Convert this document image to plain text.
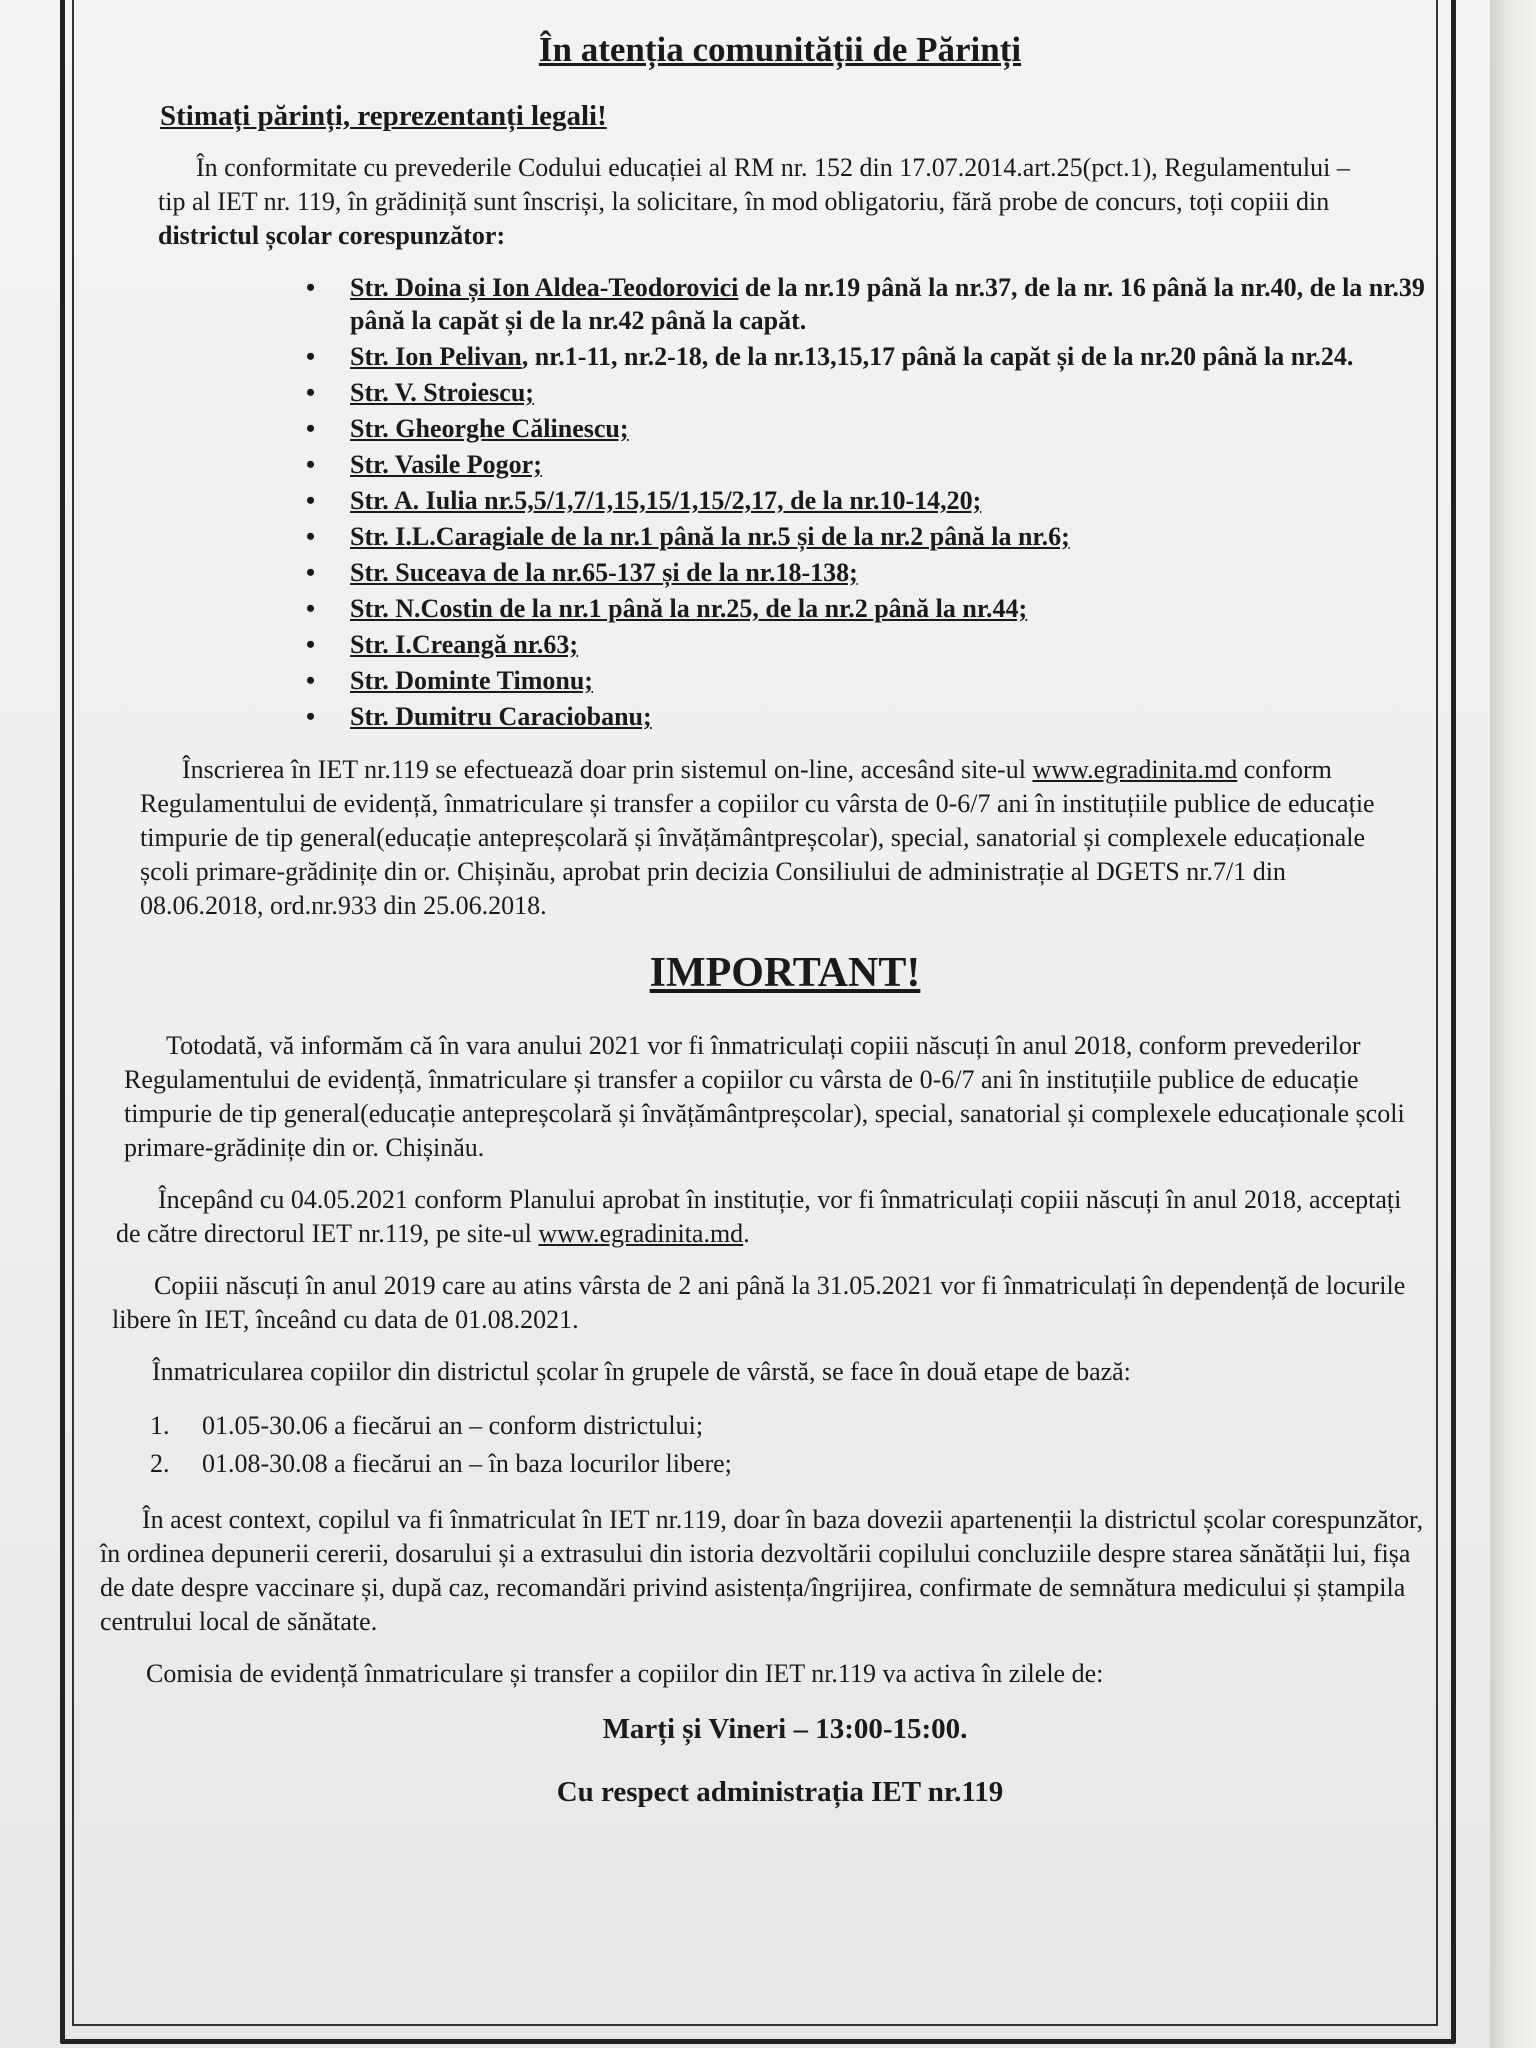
În atenția comunității de Părinți
Stimați părinți, reprezentanți legali!

În conformitate cu prevederile Codului educației al RM nr. 152 din 17.07.2014.art.25(pct.1), Regulamentului – tip al IET nr. 119, în grădiniță sunt înscriși, la solicitare, în mod obligatoriu, fără probe de concurs, toți copiii din districtul școlar corespunzător:

• Str. Doina și Ion Aldea-Teodorovici de la nr.19 până la nr.37, de la nr. 16 până la nr.40, de la nr.39 până la capăt și de la nr.42 până la capăt.
• Str. Ion Pelivan, nr.1-11, nr.2-18, de la nr.13,15,17 până la capăt și de la nr.20 până la nr.24.
• Str. V. Stroiescu;
• Str. Gheorghe Călinescu;
• Str. Vasile Pogor;
• Str. A. Iulia nr.5,5/1,7/1,15,15/1,15/2,17, de la nr.10-14,20;
• Str. I.L.Caragiale de la nr.1 până la nr.5 și de la nr.2 până la nr.6;
• Str. Suceava de la nr.65-137 și de la nr.18-138;
• Str. N.Costin de la nr.1 până la nr.25, de la nr.2 până la nr.44;
• Str. I.Creangă nr.63;
• Str. Dominte Timonu;
• Str. Dumitru Caraciobanu;

Înscrierea în IET nr.119 se efectuează doar prin sistemul on-line, accesând site-ul www.egradinita.md conform Regulamentului de evidență, înmatriculare și transfer a copiilor cu vârsta de 0-6/7 ani în instituțiile publice de educație timpurie de tip general(educație antepreșcolară și învățământpreșcolar), special, sanatorial și complexele educaționale școli primare-grădinițe din or. Chișinău, aprobat prin decizia Consiliului de administrație al DGETS nr.7/1 din 08.06.2018, ord.nr.933 din 25.06.2018.

IMPORTANT!

Totodată, vă informăm că în vara anului 2021 vor fi înmatriculați copiii născuți în anul 2018, conform prevederilor Regulamentului de evidență, înmatriculare și transfer a copiilor cu vârsta de 0-6/7 ani în instituțiile publice de educație timpurie de tip general(educație antepreșcolară și învățământpreșcolar), special, sanatorial și complexele educaționale școli primare-grădinițe din or. Chișinău.

Începând cu 04.05.2021 conform Planului aprobat în instituție, vor fi înmatriculați copiii născuți în anul 2018, acceptați de către directorul IET nr.119, pe site-ul www.egradinita.md.

Copiii născuți în anul 2019 care au atins vârsta de 2 ani până la 31.05.2021 vor fi înmatriculați în dependență de locurile libere în IET, înceând cu data de 01.08.2021.

Înmatricularea copiilor din districtul școlar în grupele de vârstă, se face în două etape de bază:

1. 01.05-30.06 a fiecărui an – conform districtului;
2. 01.08-30.08 a fiecărui an – în baza locurilor libere;

În acest context, copilul va fi înmatriculat în IET nr.119, doar în baza dovezii apartenenții la districtul școlar corespunzător, în ordinea depunerii cererii, dosarului și a extrasului din istoria dezvoltării copilului concluziile despre starea sănătății lui, fișa de date despre vaccinare și, după caz, recomandări privind asistența/îngrijirea, confirmate de semnătura medicului și ștampila centrului local de sănătate.

Comisia de evidență înmatriculare și transfer a copiilor din IET nr.119 va activa în zilele de:

Marți și Vineri – 13:00-15:00.
Cu respect administrația IET nr.119
